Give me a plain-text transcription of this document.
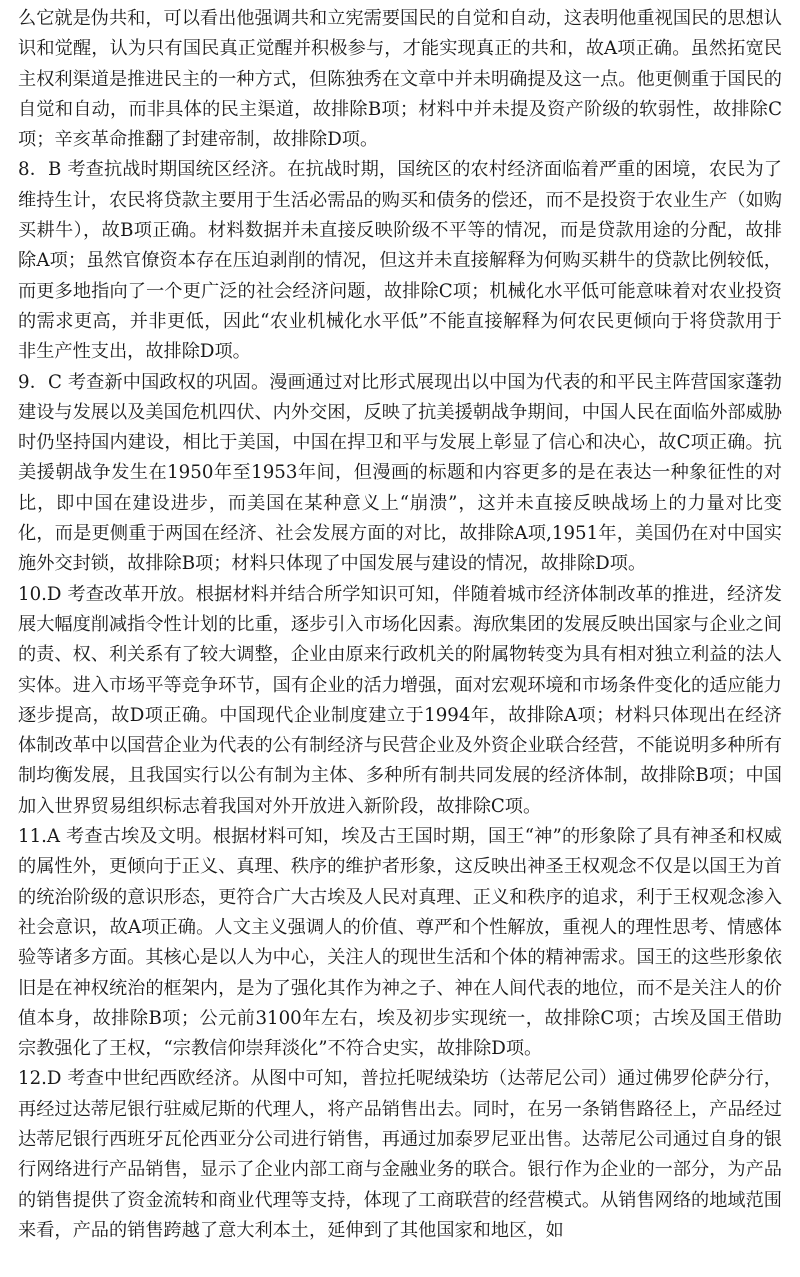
么它就是伪共和，可以看出他强调共和立宪需要国民的自觉和自动，这表明他重视国民的思想认识和觉醒，认为只有国民真正觉醒并积极参与，才能实现真正的共和，故A项正确。虽然拓宽民主权利渠道是推进民主的一种方式，但陈独秀在文章中并未明确提及这一点。他更侧重于国民的自觉和自动，而非具体的民主渠道，故排除B项；材料中并未提及资产阶级的软弱性，故排除C项；辛亥革命推翻了封建帝制，故排除D项。

8．B 考查抗战时期国统区经济。在抗战时期，国统区的农村经济面临着严重的困境，农民为了维持生计，农民将贷款主要用于生活必需品的购买和债务的偿还，而不是投资于农业生产（如购买耕牛），故B项正确。材料数据并未直接反映阶级不平等的情况，而是贷款用途的分配，故排除A项；虽然官僚资本存在压迫剥削的情况，但这并未直接解释为何购买耕牛的贷款比例较低，而更多地指向了一个更广泛的社会经济问题，故排除C项；机械化水平低可能意味着对农业投资的需求更高，并非更低，因此“农业机械化水平低”不能直接解释为何农民更倾向于将贷款用于非生产性支出，故排除D项。

9．C 考查新中国政权的巩固。漫画通过对比形式展现出以中国为代表的和平民主阵营国家蓬勃建设与发展以及美国危机四伏、内外交困，反映了抗美援朝战争期间，中国人民在面临外部威胁时仍坚持国内建设，相比于美国，中国在捍卫和平与发展上彰显了信心和决心，故C项正确。抗美援朝战争发生在1950年至1953年间，但漫画的标题和内容更多的是在表达一种象征性的对比，即中国在建设进步，而美国在某种意义上“崩溃”，这并未直接反映战场上的力量对比变化，而是更侧重于两国在经济、社会发展方面的对比，故排除A项,1951年，美国仍在对中国实施外交封锁，故排除B项；材料只体现了中国发展与建设的情况，故排除D项。

10.D 考查改革开放。根据材料并结合所学知识可知，伴随着城市经济体制改革的推进，经济发展大幅度削减指令性计划的比重，逐步引入市场化因素。海欣集团的发展反映出国家与企业之间的责、权、利关系有了较大调整，企业由原来行政机关的附属物转变为具有相对独立利益的法人实体。进入市场平等竞争环节，国有企业的活力增强，面对宏观环境和市场条件变化的适应能力逐步提高，故D项正确。中国现代企业制度建立于1994年，故排除A项；材料只体现出在经济体制改革中以国营企业为代表的公有制经济与民营企业及外资企业联合经营，不能说明多种所有制均衡发展，且我国实行以公有制为主体、多种所有制共同发展的经济体制，故排除B项；中国加入世界贸易组织标志着我国对外开放进入新阶段，故排除C项。

11.A 考查古埃及文明。根据材料可知，埃及古王国时期，国王“神”的形象除了具有神圣和权威的属性外，更倾向于正义、真理、秩序的维护者形象，这反映出神圣王权观念不仅是以国王为首的统治阶级的意识形态，更符合广大古埃及人民对真理、正义和秩序的追求，利于王权观念渗入社会意识，故A项正确。人文主义强调人的价值、尊严和个性解放，重视人的理性思考、情感体验等诸多方面。其核心是以人为中心，关注人的现世生活和个体的精神需求。国王的这些形象依旧是在神权统治的框架内，是为了强化其作为神之子、神在人间代表的地位，而不是关注人的价值本身，故排除B项；公元前3100年左右，埃及初步实现统一，故排除C项；古埃及国王借助宗教强化了王权，“宗教信仰崇拜淡化”不符合史实，故排除D项。

12.D 考查中世纪西欧经济。从图中可知，普拉托呢绒染坊（达蒂尼公司）通过佛罗伦萨分行，再经过达蒂尼银行驻威尼斯的代理人，将产品销售出去。同时，在另一条销售路径上，产品经过达蒂尼银行西班牙瓦伦西亚分公司进行销售，再通过加泰罗尼亚出售。达蒂尼公司通过自身的银行网络进行产品销售，显示了企业内部工商与金融业务的联合。银行作为企业的一部分，为产品的销售提供了资金流转和商业代理等支持，体现了工商联营的经营模式。从销售网络的地域范围来看，产品的销售跨越了意大利本土，延伸到了其他国家和地区，如
